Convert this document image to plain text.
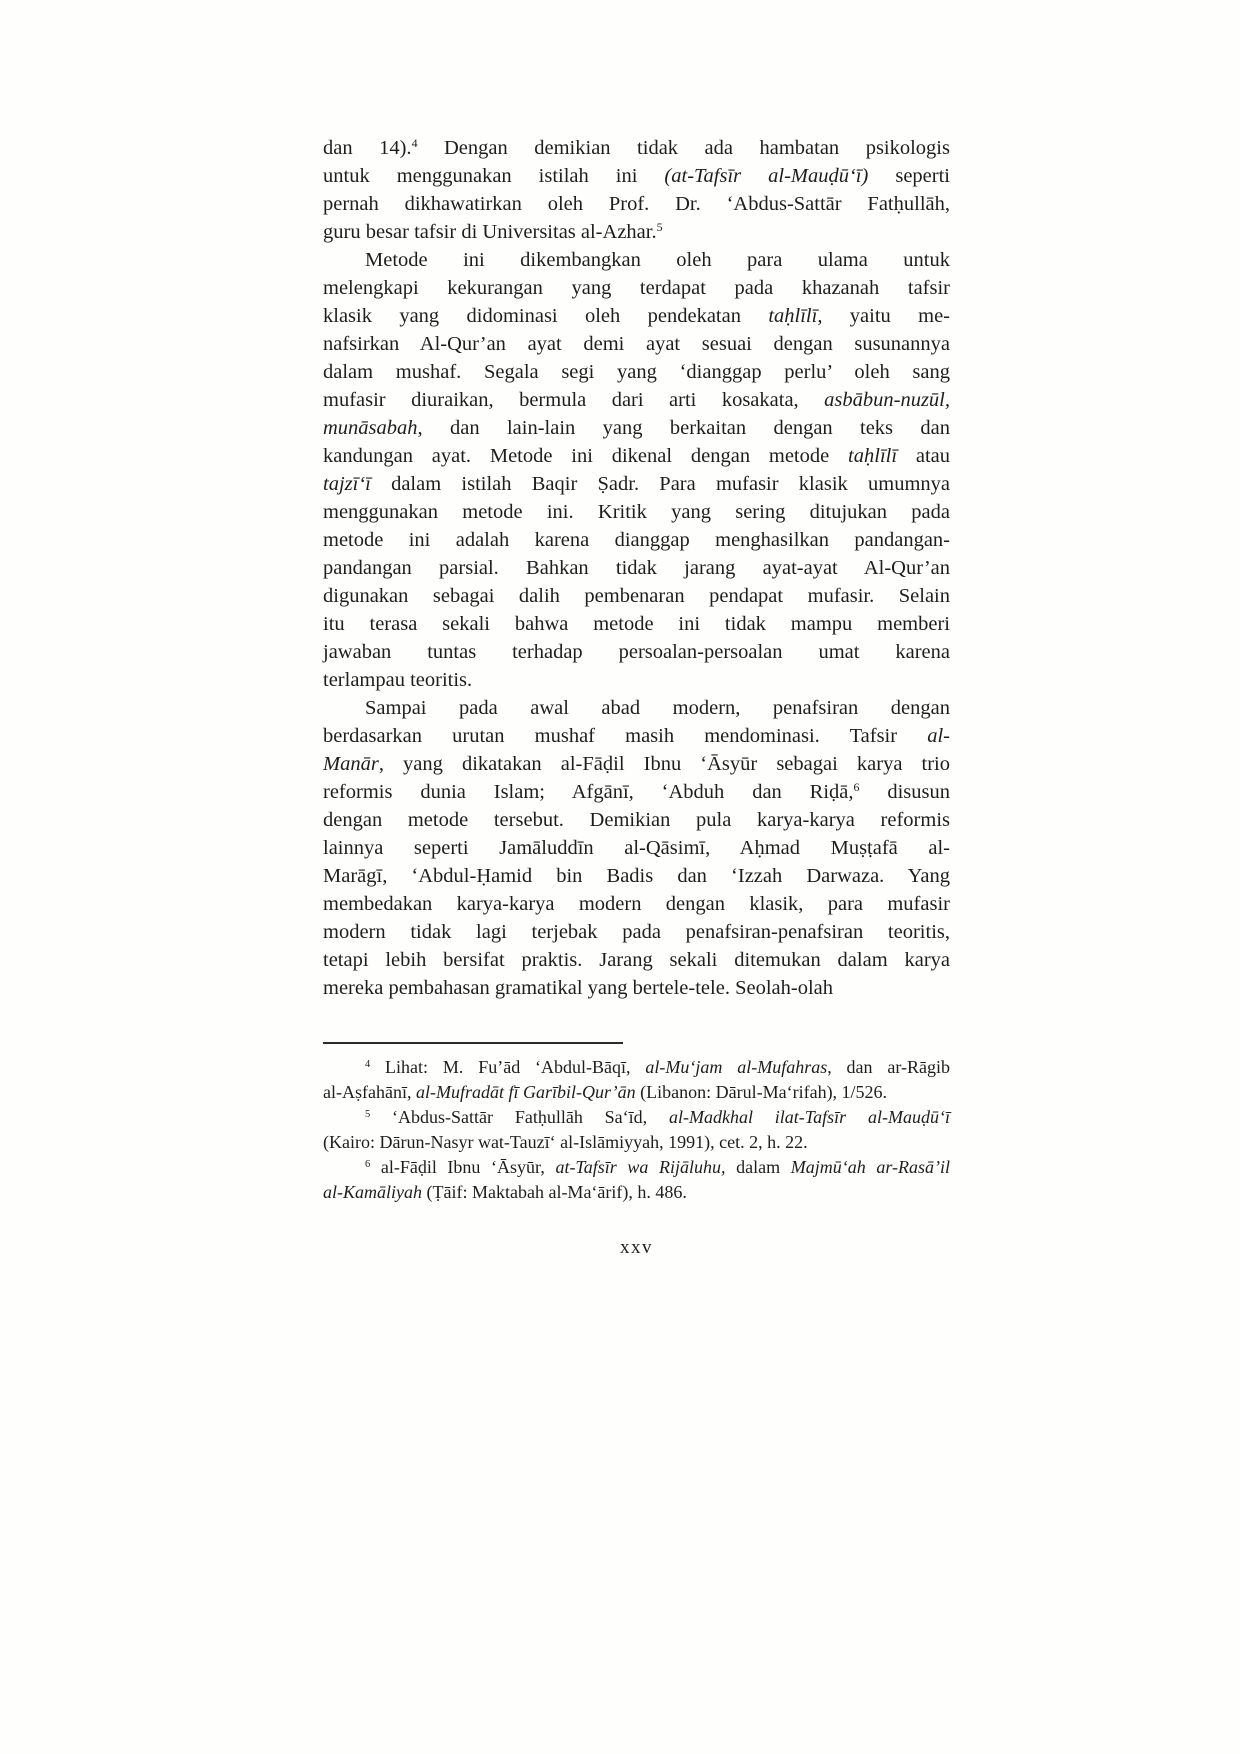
dan 14).$^4$ Dengan demikian tidak ada hambatan psikologis
untuk menggunakan istilah ini (at-Tafsīr al-Mauḍū‘ī) seperti
pernah dikhawatirkan oleh Prof. Dr. ‘Abdus-Sattār Fatḥullāh,
guru besar tafsir di Universitas al-Azhar.$^5$
Metode ini dikembangkan oleh para ulama untuk
melengkapi kekurangan yang terdapat pada khazanah tafsir
klasik yang didominasi oleh pendekatan taḥlīlī, yaitu me-
nafsirkan Al-Qur’an ayat demi ayat sesuai dengan susunannya
dalam mushaf. Segala segi yang ‘dianggap perlu’ oleh sang
mufasir diuraikan, bermula dari arti kosakata, asbābun-nuzūl,
munāsabah, dan lain-lain yang berkaitan dengan teks dan
kandungan ayat. Metode ini dikenal dengan metode taḥlīlī atau
tajzī‘ī dalam istilah Baqir Ṣadr. Para mufasir klasik umumnya
menggunakan metode ini. Kritik yang sering ditujukan pada
metode ini adalah karena dianggap menghasilkan pandangan-
pandangan parsial. Bahkan tidak jarang ayat-ayat Al-Qur’an
digunakan sebagai dalih pembenaran pendapat mufasir. Selain
itu terasa sekali bahwa metode ini tidak mampu memberi
jawaban tuntas terhadap persoalan-persoalan umat karena
terlampau teoritis.
Sampai pada awal abad modern, penafsiran dengan
berdasarkan urutan mushaf masih mendominasi. Tafsir al-
Manār, yang dikatakan al-Fāḍil Ibnu ‘Āsyūr sebagai karya trio
reformis dunia Islam; Afgānī, ‘Abduh dan Riḍā,$^6$ disusun
dengan metode tersebut. Demikian pula karya-karya reformis
lainnya seperti Jamāluddīn al-Qāsimī, Aḥmad Muṣṭafā al-
Marāgī, ‘Abdul-Ḥamid bin Badis dan ‘Izzah Darwaza. Yang
membedakan karya-karya modern dengan klasik, para mufasir
modern tidak lagi terjebak pada penafsiran-penafsiran teoritis,
tetapi lebih bersifat praktis. Jarang sekali ditemukan dalam karya
mereka pembahasan gramatikal yang bertele-tele. Seolah-olah
$^4$ Lihat: M. Fu’ād ‘Abdul-Bāqī, al-Mu‘jam al-Mufahras, dan ar-Rāgib
al-Aṣfahānī, al-Mufradāt fī Garībil-Qur’ān (Libanon: Dārul-Ma‘rifah), 1/526.
$^5$ ‘Abdus-Sattār Fatḥullāh Sa‘īd, al-Madkhal ilat-Tafsīr al-Mauḍū‘ī
(Kairo: Dārun-Nasyr wat-Tauzī‘ al-Islāmiyyah, 1991), cet. 2, h. 22.
$^6$ al-Fāḍil Ibnu ‘Āsyūr, at-Tafsīr wa Rijāluhu, dalam Majmū‘ah ar-Rasā’il
al-Kamāliyah (Ṭāif: Maktabah al-Ma‘ārif), h. 486.
xxv
